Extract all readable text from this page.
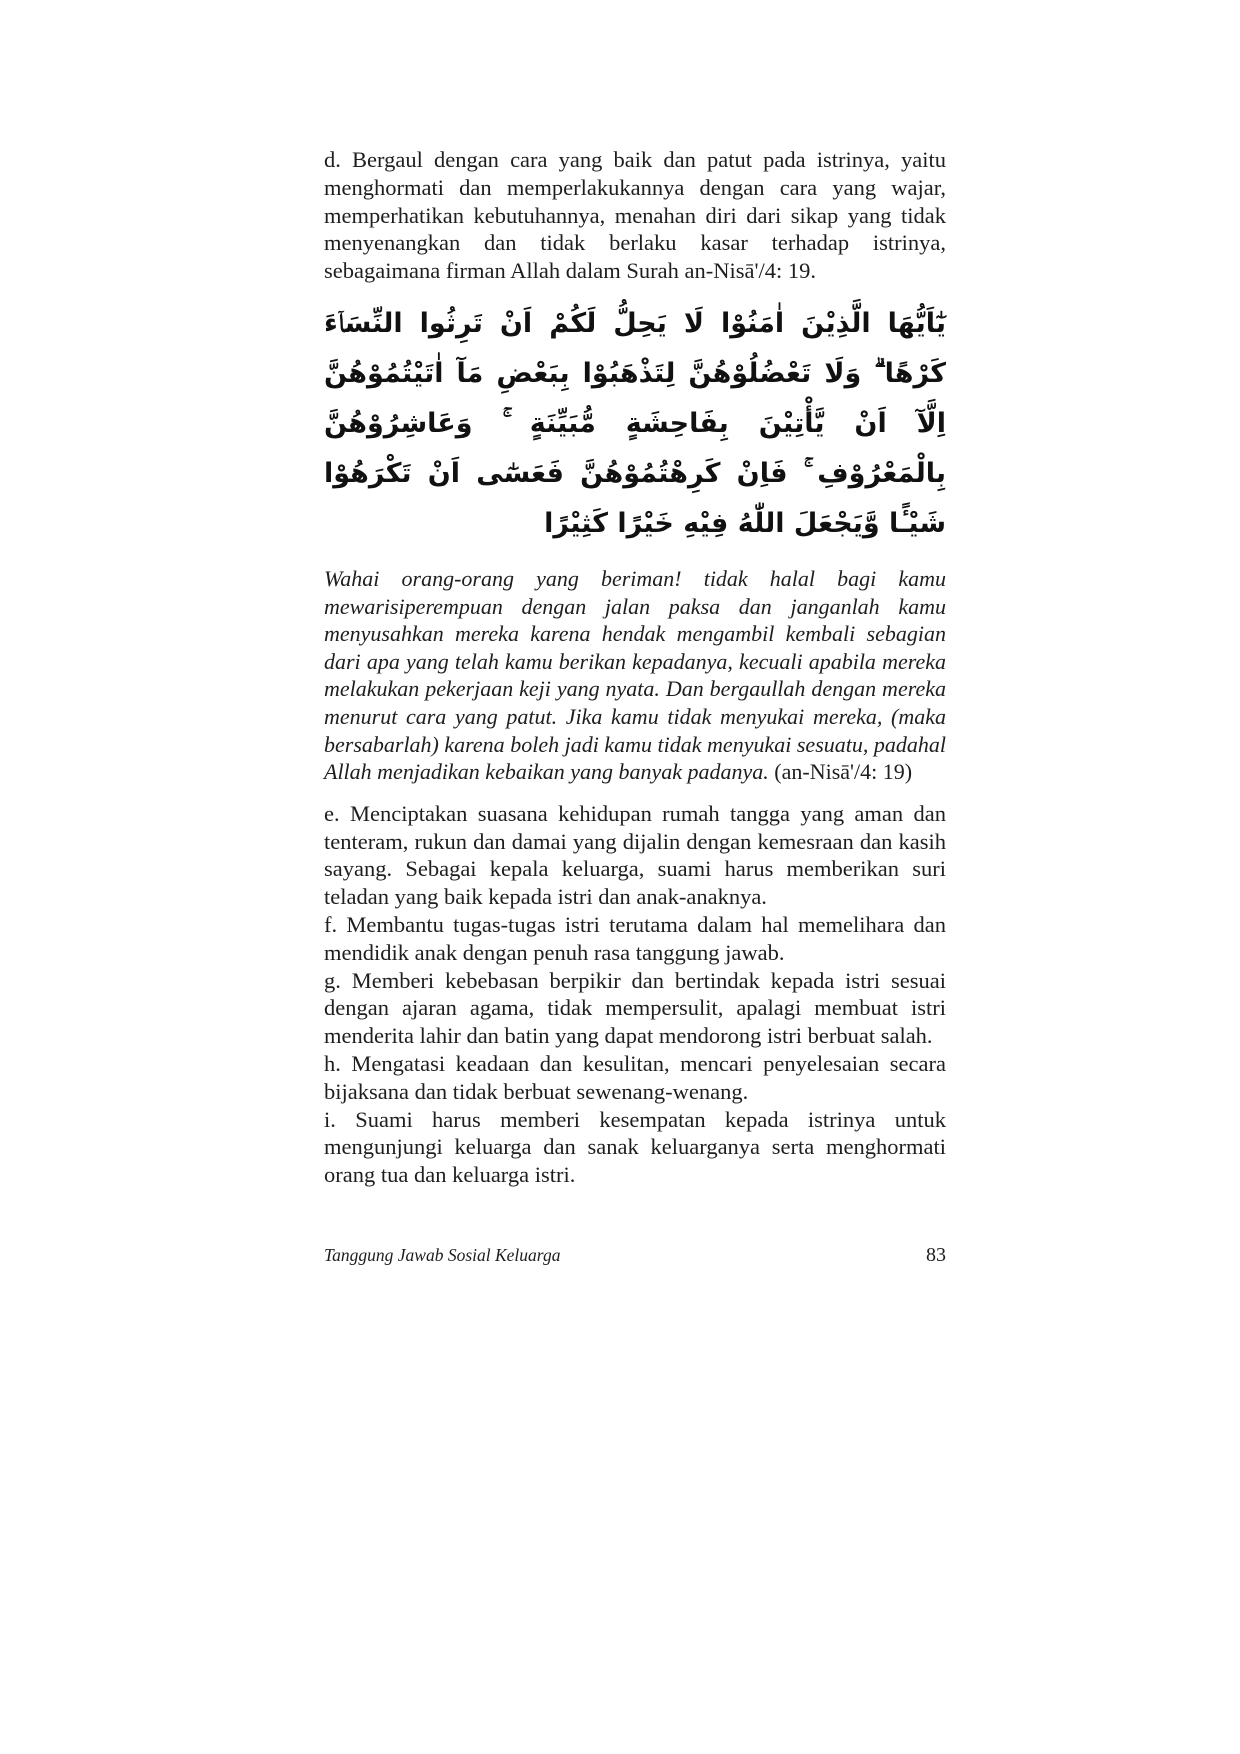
d. Bergaul dengan cara yang baik dan patut pada istrinya, yaitu menghormati dan memperlakukannya dengan cara yang wajar, memperhatikan kebutuhannya, menahan diri dari sikap yang tidak menyenangkan dan tidak berlaku kasar terhadap istrinya, sebagaimana firman Allah dalam Surah an-Nisā'/4: 19.

يٰٓاَيُّهَا الَّذِيْنَ اٰمَنُوْا لَا يَحِلُّ لَكُمْ اَنْ تَرِثُوا النِّسَاۤءَ كَرْهًا ۗ وَلَا تَعْضُلُوْهُنَّ لِتَذْهَبُوْا بِبَعْضِ مَآ اٰتَيْتُمُوْهُنَّ اِلَّآ اَنْ يَّأْتِيْنَ بِفَاحِشَةٍ مُّبَيِّنَةٍ ۚ وَعَاشِرُوْهُنَّ بِالْمَعْرُوْفِ ۚ فَاِنْ كَرِهْتُمُوْهُنَّ فَعَسٰٓى اَنْ تَكْرَهُوْا شَيْـًٔا وَّيَجْعَلَ اللّٰهُ فِيْهِ خَيْرًا كَثِيْرًا

Wahai orang-orang yang beriman! tidak halal bagi kamu mewarisiperempuan dengan jalan paksa dan janganlah kamu menyusahkan mereka karena hendak mengambil kembali sebagian dari apa yang telah kamu berikan kepadanya, kecuali apabila mereka melakukan pekerjaan keji yang nyata. Dan bergaullah dengan mereka menurut cara yang patut. Jika kamu tidak menyukai mereka, (maka bersabarlah) karena boleh jadi kamu tidak menyukai sesuatu, padahal Allah menjadikan kebaikan yang banyak padanya. (an-Nisā'/4: 19)

e. Menciptakan suasana kehidupan rumah tangga yang aman dan tenteram, rukun dan damai yang dijalin dengan kemesraan dan kasih sayang. Sebagai kepala keluarga, suami harus memberikan suri teladan yang baik kepada istri dan anak-anaknya.

f. Membantu tugas-tugas istri terutama dalam hal memelihara dan mendidik anak dengan penuh rasa tanggung jawab.

g. Memberi kebebasan berpikir dan bertindak kepada istri sesuai dengan ajaran agama, tidak mempersulit, apalagi membuat istri menderita lahir dan batin yang dapat mendorong istri berbuat salah.

h. Mengatasi keadaan dan kesulitan, mencari penyelesaian secara bijaksana dan tidak berbuat sewenang-wenang.

i. Suami harus memberi kesempatan kepada istrinya untuk mengunjungi keluarga dan sanak keluarganya serta menghormati orang tua dan keluarga istri.

Tanggung Jawab Sosial Keluarga	83
